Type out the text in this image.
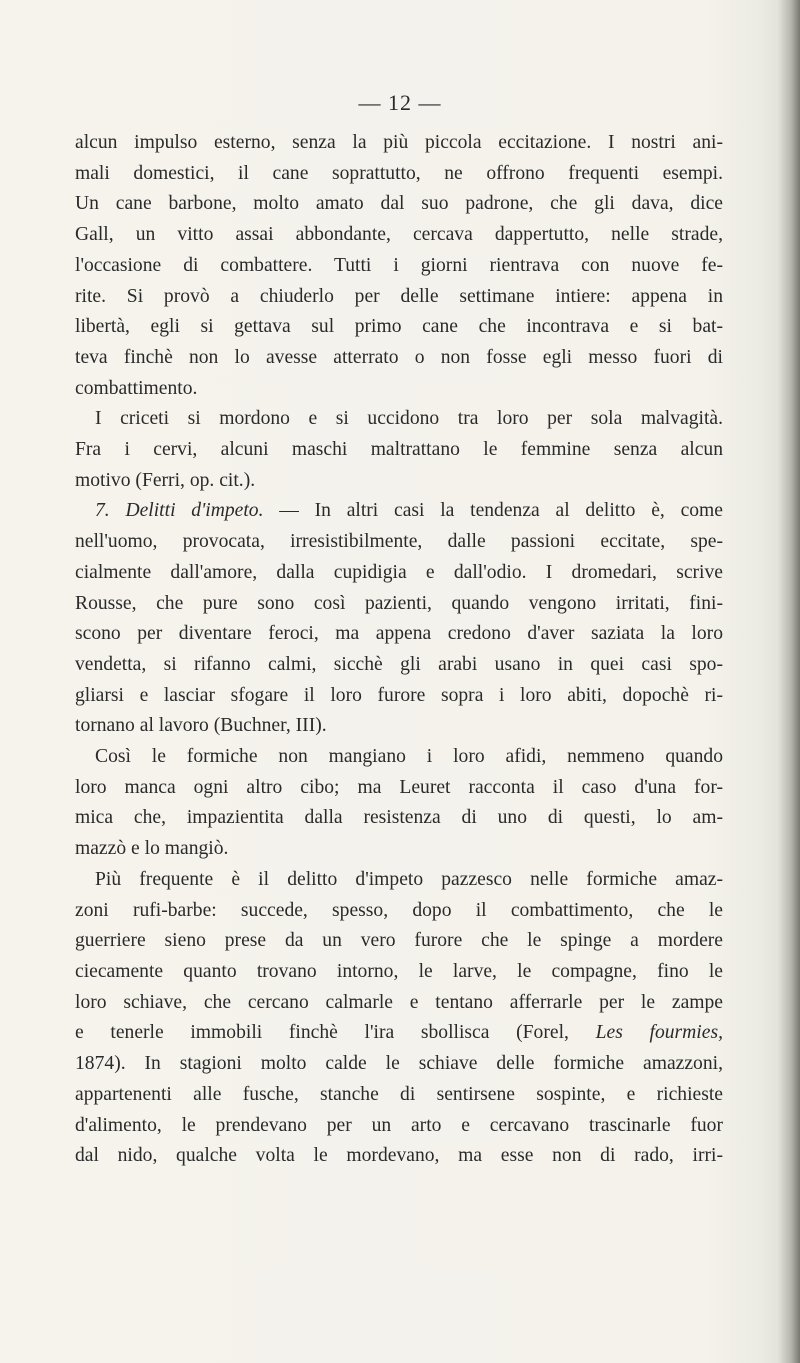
— 12 —
alcun impulso esterno, senza la più piccola eccitazione. I nostri ani-
mali domestici, il cane soprattutto, ne offrono frequenti esempi.
Un cane barbone, molto amato dal suo padrone, che gli dava, dice
Gall, un vitto assai abbondante, cercava dappertutto, nelle strade,
l'occasione di combattere. Tutti i giorni rientrava con nuove fe-
rite. Si provò a chiuderlo per delle settimane intiere: appena in
libertà, egli si gettava sul primo cane che incontrava e si bat-
teva finchè non lo avesse atterrato o non fosse egli messo fuori di
combattimento.
I criceti si mordono e si uccidono tra loro per sola malvagità.
Fra i cervi, alcuni maschi maltrattano le femmine senza alcun
motivo (Ferri, op. cit.).
7. Delitti d'impeto. — In altri casi la tendenza al delitto è, come
nell'uomo, provocata, irresistibilmente, dalle passioni eccitate, spe-
cialmente dall'amore, dalla cupidigia e dall'odio. I dromedari, scrive
Rousse, che pure sono così pazienti, quando vengono irritati, fini-
scono per diventare feroci, ma appena credono d'aver saziata la loro
vendetta, si rifanno calmi, sicchè gli arabi usano in quei casi spo-
gliarsi e lasciar sfogare il loro furore sopra i loro abiti, dopochè ri-
tornano al lavoro (Buchner, III).
Così le formiche non mangiano i loro afidi, nemmeno quando
loro manca ogni altro cibo; ma Leuret racconta il caso d'una for-
mica che, impazientita dalla resistenza di uno di questi, lo am-
mazzò e lo mangiò.
Più frequente è il delitto d'impeto pazzesco nelle formiche amaz-
zoni rufi-barbe: succede, spesso, dopo il combattimento, che le
guerriere sieno prese da un vero furore che le spinge a mordere
ciecamente quanto trovano intorno, le larve, le compagne, fino le
loro schiave, che cercano calmarle e tentano afferrarle per le zampe
e tenerle immobili finchè l'ira sbollisca (Forel, Les fourmies,
1874). In stagioni molto calde le schiave delle formiche amazzoni,
appartenenti alle fusche, stanche di sentirsene sospinte, e richieste
d'alimento, le prendevano per un arto e cercavano trascinarle fuor
dal nido, qualche volta le mordevano, ma esse non di rado, irri-
